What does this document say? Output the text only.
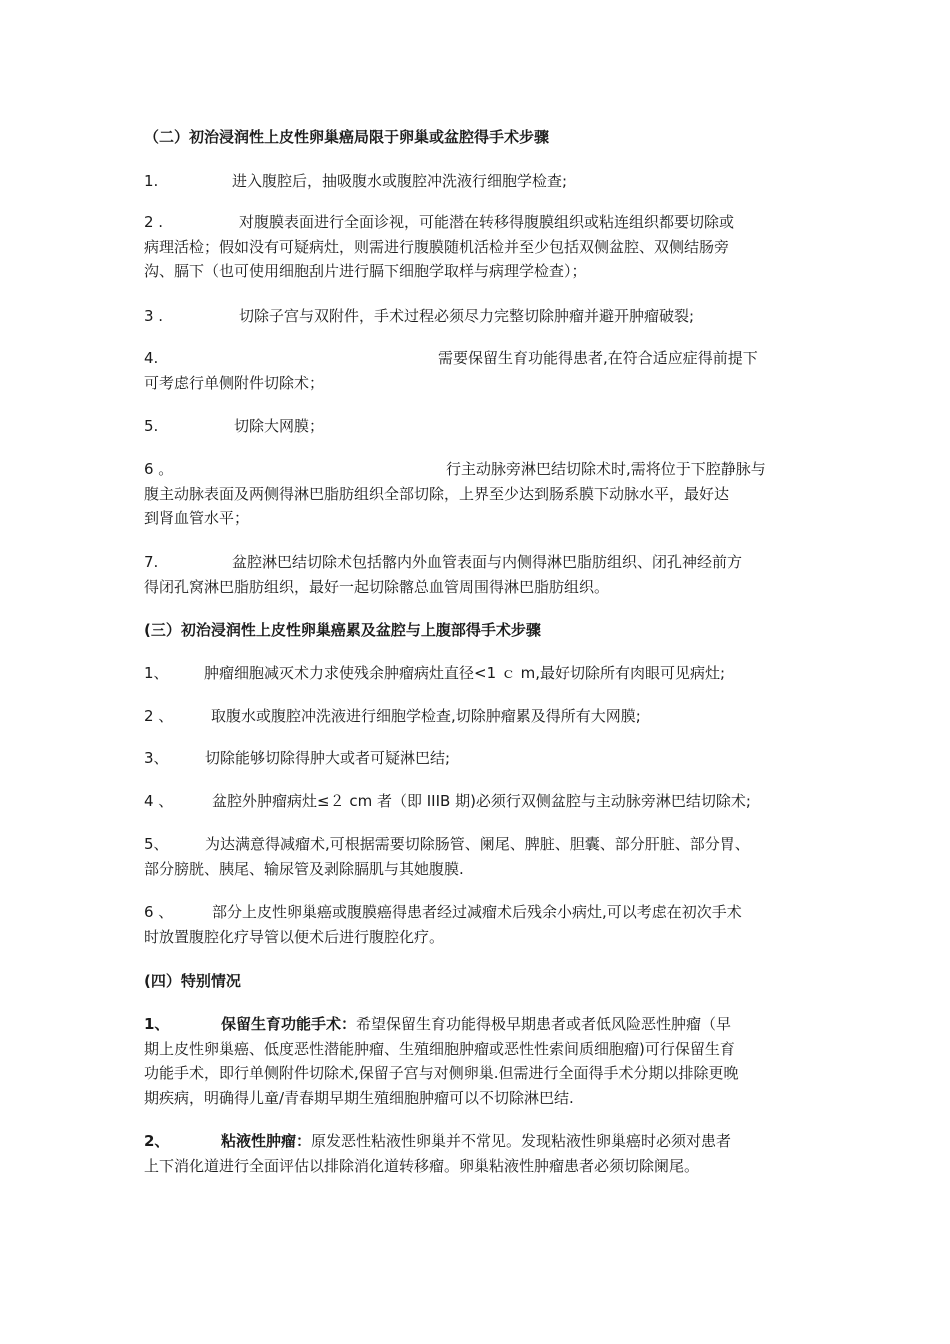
（二）初治浸润性上皮性卵巢癌局限于卵巢或盆腔得手术步骤
1.	进入腹腔后，抽吸腹水或腹腔冲洗液行细胞学检查;
2 .	对腹膜表面进行全面诊视，可能潜在转移得腹膜组织或粘连组织都要切除或
病理活检；假如没有可疑病灶，则需进行腹膜随机活检并至少包括双侧盆腔、双侧结肠旁
沟、膈下（也可使用细胞刮片进行膈下细胞学取样与病理学检查）；
3 .	切除子宫与双附件，手术过程必须尽力完整切除肿瘤并避开肿瘤破裂;
4.	需要保留生育功能得患者,在符合适应症得前提下
可考虑行单侧附件切除术；
5.	切除大网膜；
6 。	行主动脉旁淋巴结切除术时,需将位于下腔静脉与
腹主动脉表面及两侧得淋巴脂肪组织全部切除，上界至少达到肠系膜下动脉水平，最好达
到肾血管水平；
7.	盆腔淋巴结切除术包括髂内外血管表面与内侧得淋巴脂肪组织、闭孔神经前方
得闭孔窝淋巴脂肪组织，最好一起切除髂总血管周围得淋巴脂肪组织。
(三）初治浸润性上皮性卵巢癌累及盆腔与上腹部得手术步骤
1、 肿瘤细胞减灭术力求使残余肿瘤病灶直径<1 ｃ m,最好切除所有肉眼可见病灶;
2 、	取腹水或腹腔冲洗液进行细胞学检查,切除肿瘤累及得所有大网膜;
3、 切除能够切除得肿大或者可疑淋巴结;
4 、	盆腔外肿瘤病灶≤２ cm 者（即 IIIB 期)必须行双侧盆腔与主动脉旁淋巴结切除术;
5、 为达满意得减瘤术,可根据需要切除肠管、阑尾、脾脏、胆囊、部分肝脏、部分胃、
部分膀胱、胰尾、输尿管及剥除膈肌与其她腹膜.
6 、	部分上皮性卵巢癌或腹膜癌得患者经过减瘤术后残余小病灶,可以考虑在初次手术
时放置腹腔化疗导管以便术后进行腹腔化疗。
(四）特别情况
1、	保留生育功能手术：希望保留生育功能得极早期患者或者低风险恶性肿瘤（早
期上皮性卵巢癌、低度恶性潜能肿瘤、生殖细胞肿瘤或恶性性索间质细胞瘤)可行保留生育
功能手术，即行单侧附件切除术,保留子宫与对侧卵巢.但需进行全面得手术分期以排除更晚
期疾病，明确得儿童/青春期早期生殖细胞肿瘤可以不切除淋巴结.
2、	粘液性肿瘤：原发恶性粘液性卵巢并不常见。发现粘液性卵巢癌时必须对患者
上下消化道进行全面评估以排除消化道转移瘤。卵巢粘液性肿瘤患者必须切除阑尾。
